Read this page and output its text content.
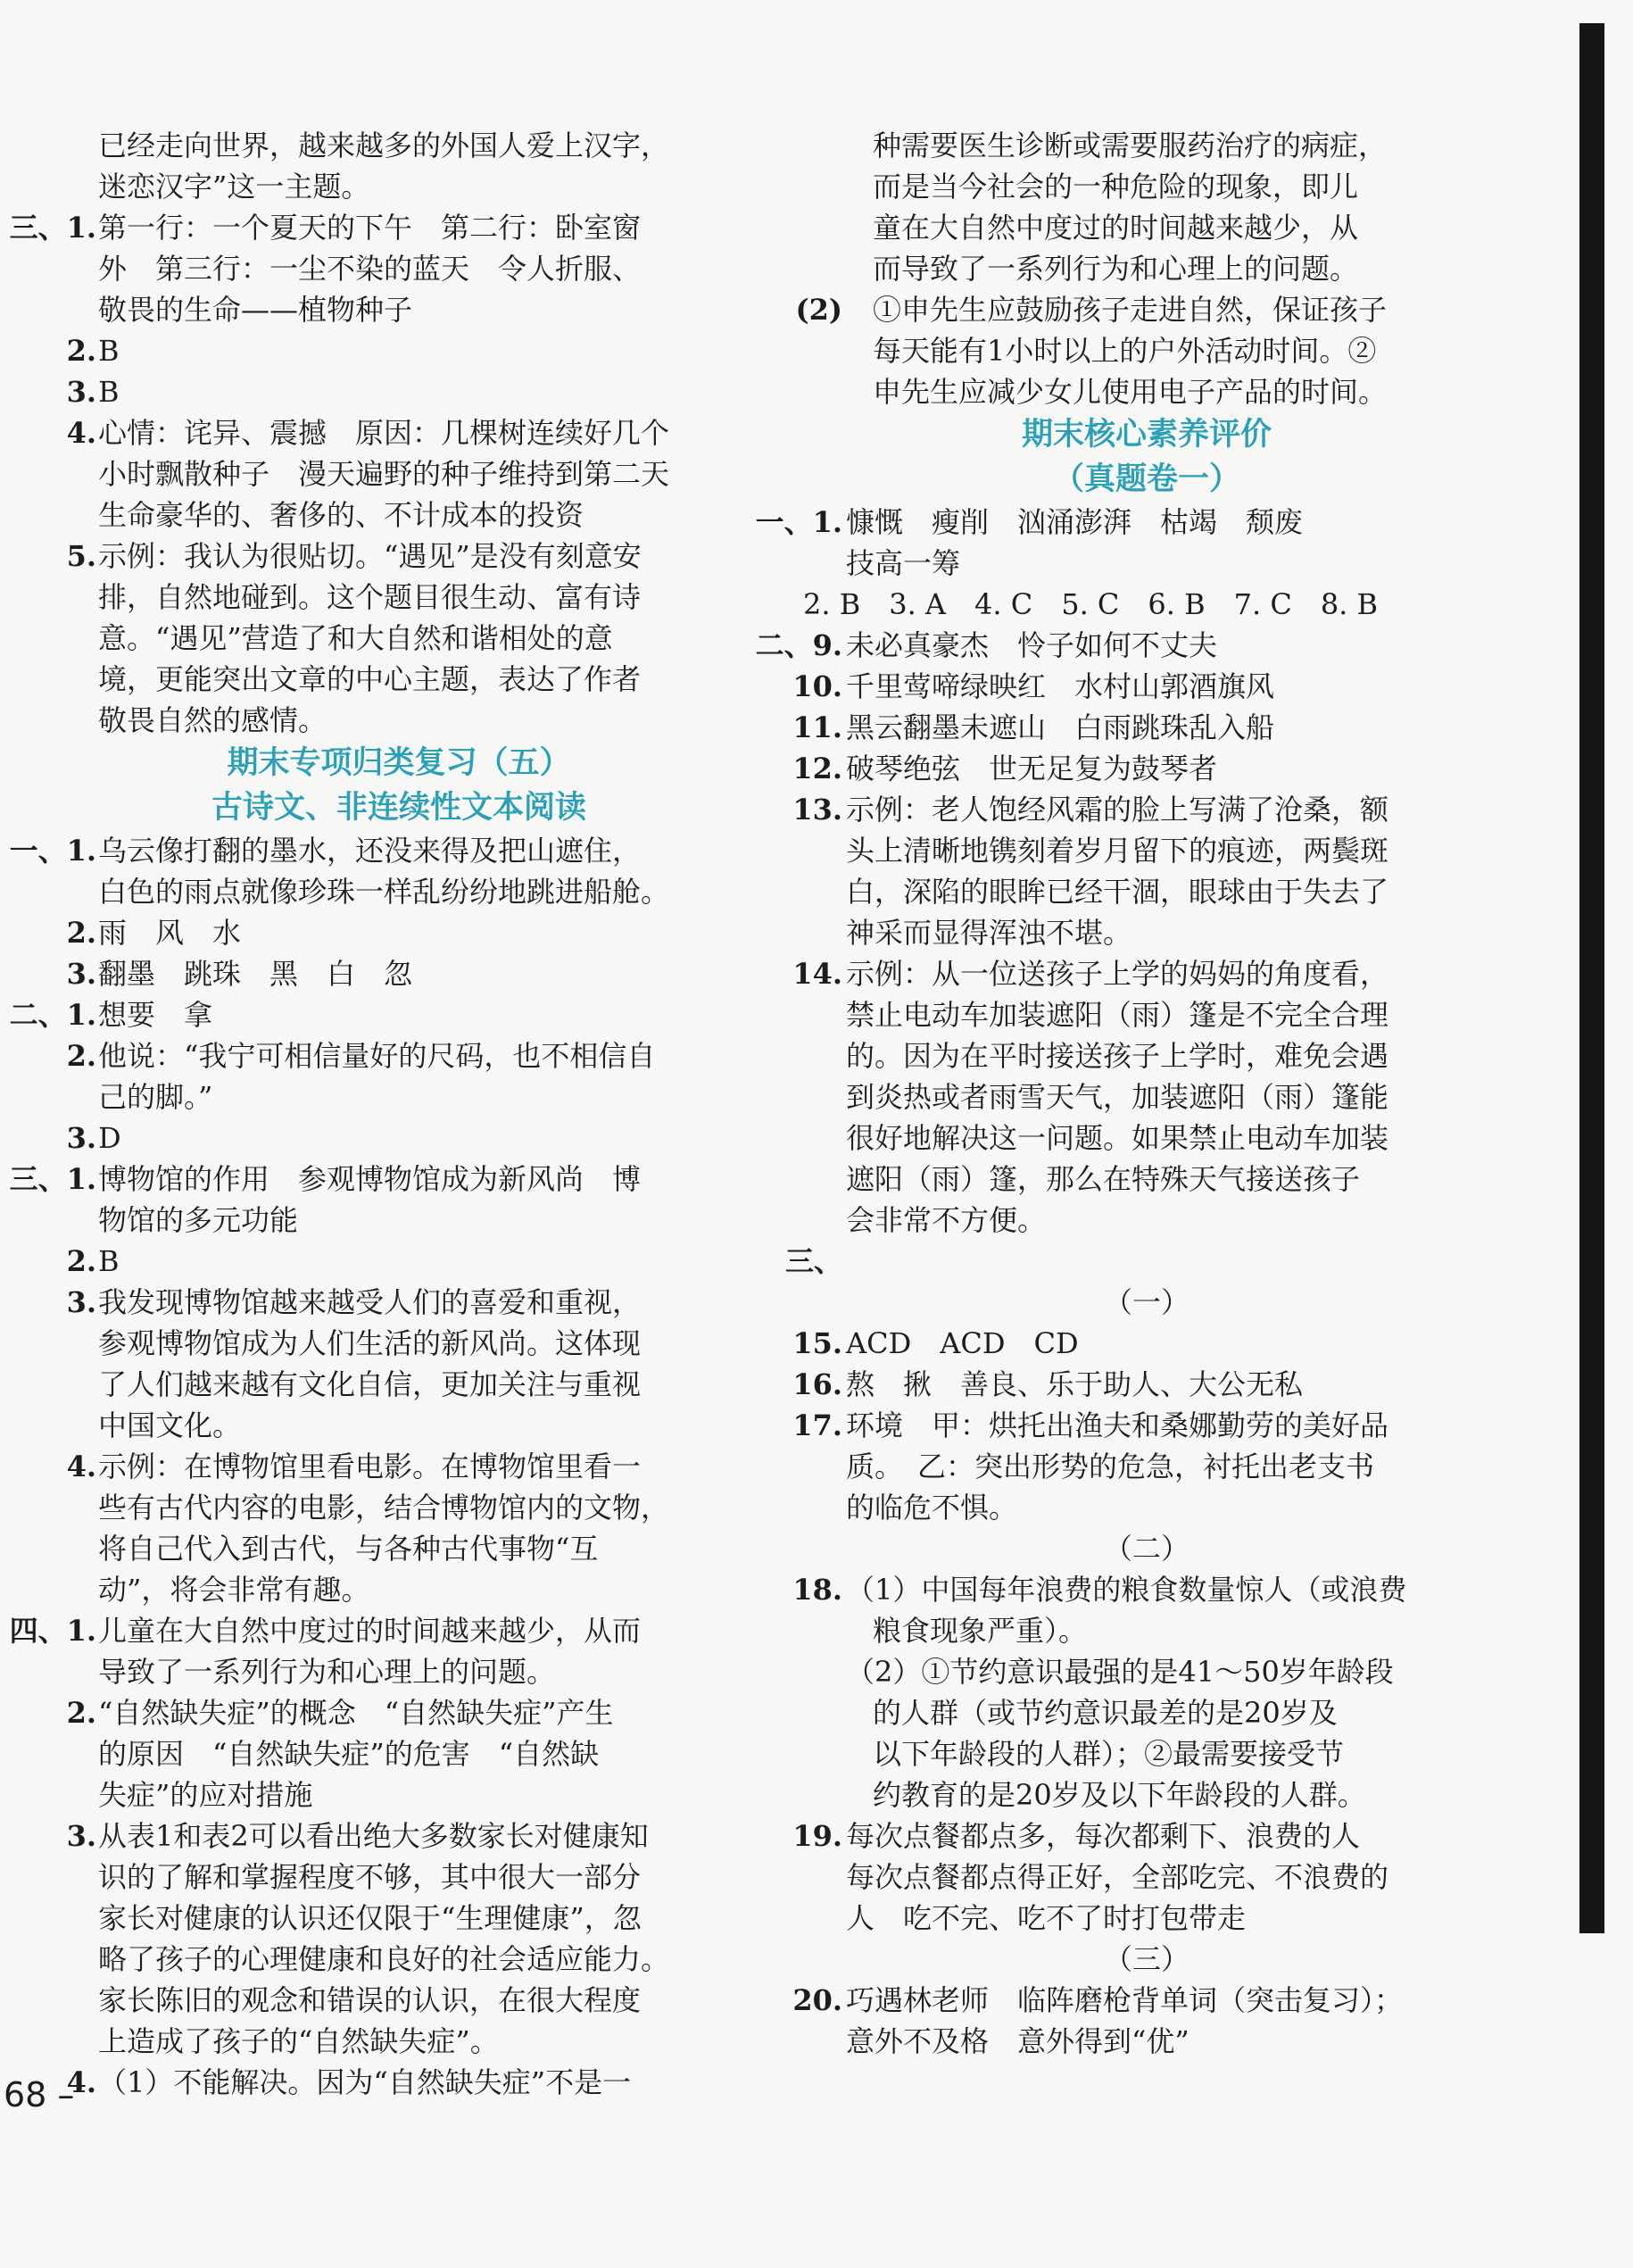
已经走向世界，越来越多的外国人爱上汉字，
迷恋汉字”这一主题。
三、1. 第一行：一个夏天的下午　第二行：卧室窗
外　第三行：一尘不染的蓝天　令人折服、
敬畏的生命——植物种子
2. B
3. B
4. 心情：诧异、震撼　原因：几棵树连续好几个
小时飘散种子　漫天遍野的种子维持到第二天
生命豪华的、奢侈的、不计成本的投资
5. 示例：我认为很贴切。“遇见”是没有刻意安
排，自然地碰到。这个题目很生动、富有诗
意。“遇见”营造了和大自然和谐相处的意
境，更能突出文章的中心主题，表达了作者
敬畏自然的感情。
期末专项归类复习（五）
古诗文、非连续性文本阅读
一、1. 乌云像打翻的墨水，还没来得及把山遮住，
白色的雨点就像珍珠一样乱纷纷地跳进船舱。
2. 雨　风　水
3. 翻墨　跳珠　黑　白　忽
二、1. 想要　拿
2. 他说：“我宁可相信量好的尺码，也不相信自
己的脚。”
3. D
三、1. 博物馆的作用　参观博物馆成为新风尚　博
物馆的多元功能
2. B
3. 我发现博物馆越来越受人们的喜爱和重视，
参观博物馆成为人们生活的新风尚。这体现
了人们越来越有文化自信，更加关注与重视
中国文化。
4. 示例：在博物馆里看电影。在博物馆里看一
些有古代内容的电影，结合博物馆内的文物，
将自己代入到古代，与各种古代事物“互
动”，将会非常有趣。
四、1. 儿童在大自然中度过的时间越来越少，从而
导致了一系列行为和心理上的问题。
2. “自然缺失症”的概念　“自然缺失症”产生
的原因　“自然缺失症”的危害　“自然缺
失症”的应对措施
3. 从表1和表2可以看出绝大多数家长对健康知
识的了解和掌握程度不够，其中很大一部分
家长对健康的认识还仅限于“生理健康”，忽
略了孩子的心理健康和良好的社会适应能力。
家长陈旧的观念和错误的认识，在很大程度
上造成了孩子的“自然缺失症”。
4. （1）不能解决。因为“自然缺失症”不是一
种需要医生诊断或需要服药治疗的病症，
而是当今社会的一种危险的现象，即儿
童在大自然中度过的时间越来越少，从
而导致了一系列行为和心理上的问题。
(2) ①申先生应鼓励孩子走进自然，保证孩子
每天能有1小时以上的户外活动时间。②
申先生应减少女儿使用电子产品的时间。
期末核心素养评价
（真题卷一）
一、1. 慷慨　瘦削　汹涌澎湃　枯竭　颓废
技高一筹
2. B　3. A　4. C　5. C　6. B　7. C　8. B
二、9. 未必真豪杰　怜子如何不丈夫
10. 千里莺啼绿映红　水村山郭酒旗风
11. 黑云翻墨未遮山　白雨跳珠乱入船
12. 破琴绝弦　世无足复为鼓琴者
13. 示例：老人饱经风霜的脸上写满了沧桑，额
头上清晰地镌刻着岁月留下的痕迹，两鬓斑
白，深陷的眼眸已经干涸，眼球由于失去了
神采而显得浑浊不堪。
14. 示例：从一位送孩子上学的妈妈的角度看，
禁止电动车加装遮阳（雨）篷是不完全合理
的。因为在平时接送孩子上学时，难免会遇
到炎热或者雨雪天气，加装遮阳（雨）篷能
很好地解决这一问题。如果禁止电动车加装
遮阳（雨）篷，那么在特殊天气接送孩子
会非常不方便。
三、
（一）
15. ACD　ACD　CD
16. 熬　揪　善良、乐于助人、大公无私
17. 环境　甲：烘托出渔夫和桑娜勤劳的美好品
质。　乙：突出形势的危急，衬托出老支书
的临危不惧。
（二）
18. （1）中国每年浪费的粮食数量惊人（或浪费
粮食现象严重）。
（2）①节约意识最强的是41～50岁年龄段
的人群（或节约意识最差的是20岁及
以下年龄段的人群）；②最需要接受节
约教育的是20岁及以下年龄段的人群。
19. 每次点餐都点多，每次都剩下、浪费的人
每次点餐都点得正好，全部吃完、不浪费的
人　吃不完、吃不了时打包带走
（三）
20. 巧遇林老师　临阵磨枪背单词（突击复习）；
意外不及格　意外得到“优”
68 –
